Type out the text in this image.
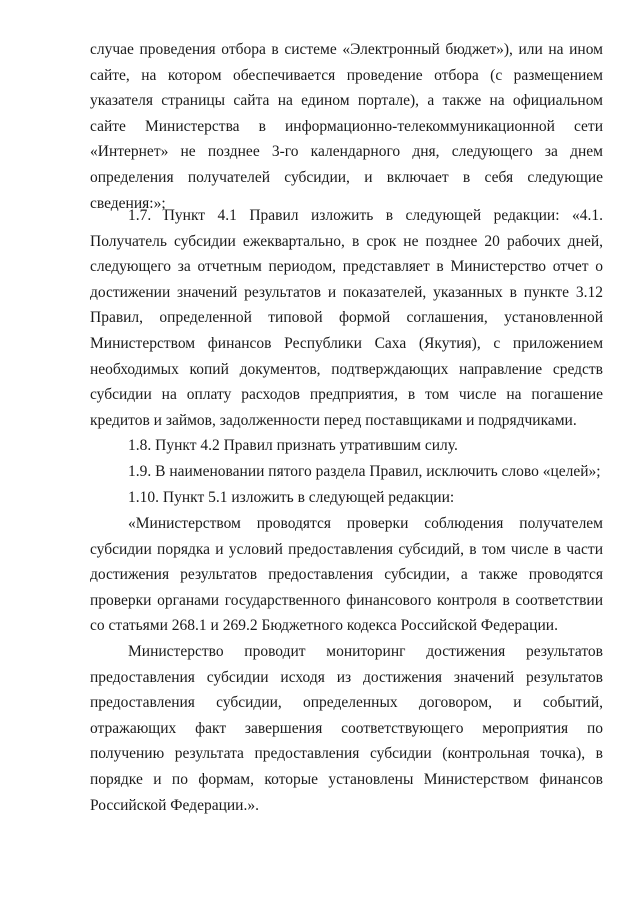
случае проведения отбора в системе «Электронный бюджет»), или на ином сайте, на котором обеспечивается проведение отбора (с размещением указателя страницы сайта на едином портале), а также на официальном сайте Министерства в информационно-телекоммуникационной сети «Интернет» не позднее 3-го календарного дня, следующего за днем определения получателей субсидии, и включает в себя следующие сведения:»;

1.7. Пункт 4.1 Правил изложить в следующей редакции: «4.1. Получатель субсидии ежеквартально, в срок не позднее 20 рабочих дней, следующего за отчетным периодом, представляет в Министерство отчет о достижении значений результатов и показателей, указанных в пункте 3.12 Правил, определенной типовой формой соглашения, установленной Министерством финансов Республики Саха (Якутия), с приложением необходимых копий документов, подтверждающих направление средств субсидии на оплату расходов предприятия, в том числе на погашение кредитов и займов, задолженности перед поставщиками и подрядчиками.

1.8. Пункт 4.2 Правил признать утратившим силу.

1.9. В наименовании пятого раздела Правил, исключить слово «целей»;

1.10. Пункт 5.1 изложить в следующей редакции:

«Министерством проводятся проверки соблюдения получателем субсидии порядка и условий предоставления субсидий, в том числе в части достижения результатов предоставления субсидии, а также проводятся проверки органами государственного финансового контроля в соответствии со статьями 268.1 и 269.2 Бюджетного кодекса Российской Федерации.

Министерство проводит мониторинг достижения результатов предоставления субсидии исходя из достижения значений результатов предоставления субсидии, определенных договором, и событий, отражающих факт завершения соответствующего мероприятия по получению результата предоставления субсидии (контрольная точка), в порядке и по формам, которые установлены Министерством финансов Российской Федерации.».
